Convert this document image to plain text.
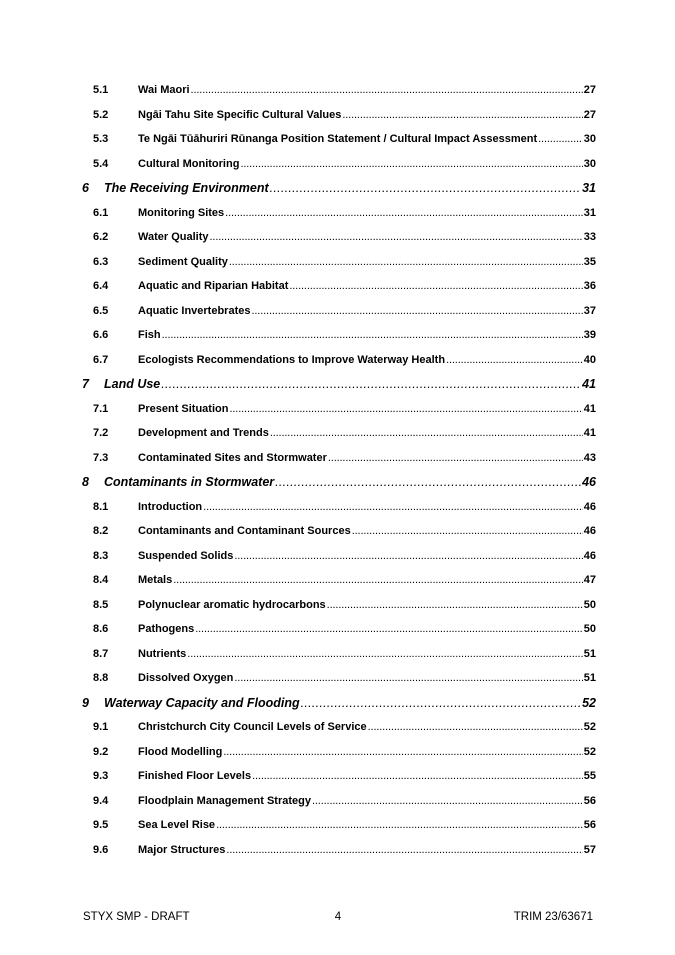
5.1	Wai Maori . . .	27
5.2	Ngāi Tahu Site Specific Cultural Values . . .	27
5.3	Te Ngāi Tūāhuriri Rūnanga Position Statement / Cultural Impact Assessment . . .	30
5.4	Cultural Monitoring . . .	30
6	The Receiving Environment . . .	31
6.1	Monitoring Sites . . .	31
6.2	Water Quality . . .	33
6.3	Sediment Quality . . .	35
6.4	Aquatic and Riparian Habitat . . .	36
6.5	Aquatic Invertebrates . . .	37
6.6	Fish . . .	39
6.7	Ecologists Recommendations to Improve Waterway Health . . .	40
7	Land Use . . .	41
7.1	Present Situation . . .	41
7.2	Development and Trends . . .	41
7.3	Contaminated Sites and Stormwater . . .	43
8	Contaminants in Stormwater . . .	46
8.1	Introduction . . .	46
8.2	Contaminants and Contaminant Sources . . .	46
8.3	Suspended Solids . . .	46
8.4	Metals . . .	47
8.5	Polynuclear aromatic hydrocarbons . . .	50
8.6	Pathogens . . .	50
8.7	Nutrients . . .	51
8.8	Dissolved Oxygen . . .	51
9	Waterway Capacity and Flooding . . .	52
9.1	Christchurch City Council Levels of Service . . .	52
9.2	Flood Modelling . . .	52
9.3	Finished Floor Levels . . .	55
9.4	Floodplain Management Strategy . . .	56
9.5	Sea Level Rise . . .	56
9.6	Major Structures . . .	57
STYX SMP - DRAFT	4	TRIM 23/63671
